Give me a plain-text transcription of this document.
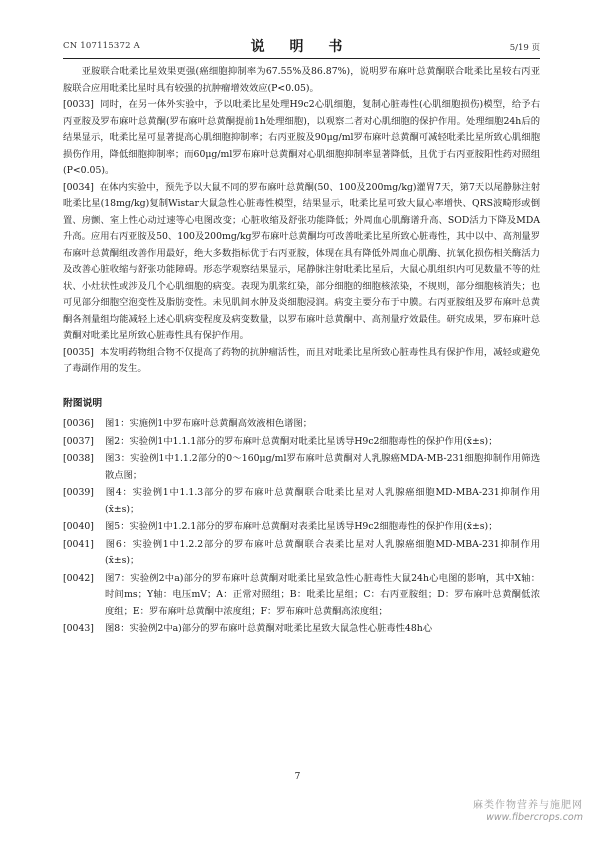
CN 107115372 A	说 明 书	5/19 页

亚胺联合吡柔比星效果更强(癌细胞抑制率为67.55%及86.87%)，说明罗布麻叶总黄酮联合吡柔比星较右丙亚胺联合应用吡柔比星时具有较强的抗肿瘤增效效应(P<0.05)。

[0033] 同时，在另一体外实验中，予以吡柔比星处理H9c2心肌细胞，复制心脏毒性(心肌细胞损伤)模型，给予右丙亚胺及罗布麻叶总黄酮(罗布麻叶总黄酮提前1h处理细胞)，以观察二者对心肌细胞的保护作用。处理细胞24h后的结果显示，吡柔比星可显著提高心肌细胞抑制率；右丙亚胺及90μg/ml罗布麻叶总黄酮可减轻吡柔比星所致心肌细胞损伤作用，降低细胞抑制率；而60μg/ml罗布麻叶总黄酮对心肌细胞抑制率显著降低，且优于右丙亚胺阳性药对照组(P<0.05)。

[0034] 在体内实验中，预先予以大鼠不同的罗布麻叶总黄酮(50、100及200mg/kg)灌胃7天，第7天以尾静脉注射吡柔比星(18mg/kg)复制Wistar大鼠急性心脏毒性模型，结果显示，吡柔比星可致大鼠心率增快、QRS波畸形或倒置、房颤、室上性心动过速等心电图改变；心脏收缩及舒张功能降低；外周血心肌酶谱升高、SOD活力下降及MDA升高。应用右丙亚胺及50、100及200mg/kg罗布麻叶总黄酮均可改善吡柔比星所致心脏毒性，其中以中、高剂量罗布麻叶总黄酮组改善作用最好，绝大多数指标优于右丙亚胺，体现在具有降低外周血心肌酶、抗氧化损伤相关酶活力及改善心脏收缩与舒张功能障碍。形态学观察结果显示，尾静脉注射吡柔比星后，大鼠心肌组织内可见数量不等的灶状、小灶状性或涉及几个心肌细胞的病变。表现为肌浆红染，部分细胞的细胞核浓染，不规则，部分细胞核消失；也可见部分细胞空泡变性及脂肪变性。未见肌间水肿及炎细胞浸润。病变主要分布于中膜。右丙亚胺组及罗布麻叶总黄酮各剂量组均能减轻上述心肌病变程度及病变数量，以罗布麻叶总黄酮中、高剂量疗效最佳。研究成果，罗布麻叶总黄酮对吡柔比星所致心脏毒性具有保护作用。

[0035] 本发明药物组合物不仅提高了药物的抗肿瘤活性，而且对吡柔比星所致心脏毒性具有保护作用，减轻或避免了毒副作用的发生。

附图说明

[0036] 图1：实施例1中罗布麻叶总黄酮高效液相色谱图；

[0037] 图2：实验例1中1.1.1部分的罗布麻叶总黄酮对吡柔比星诱导H9c2细胞毒性的保护作用(x̄±s)；

[0038] 图3：实验例1中1.1.2部分的0～160μg/ml罗布麻叶总黄酮对人乳腺癌MDA-MB-231细胞抑制作用筛选散点图；

[0039] 图4：实验例1中1.1.3部分的罗布麻叶总黄酮联合吡柔比星对人乳腺癌细胞MD-MBA-231抑制作用(x̄±s)；

[0040] 图5：实验例1中1.2.1部分的罗布麻叶总黄酮对表柔比星诱导H9c2细胞毒性的保护作用(x̄±s)；

[0041] 图6：实验例1中1.2.2部分的罗布麻叶总黄酮联合表柔比星对人乳腺癌细胞MD-MBA-231抑制作用(x̄±s)；

[0042] 图7：实验例2中a)部分的罗布麻叶总黄酮对吡柔比星致急性心脏毒性大鼠24h心电图的影响，其中X轴：时间ms；Y轴：电压mV；A：正常对照组；B：吡柔比星组；C：右丙亚胺组；D：罗布麻叶总黄酮低浓度组；E：罗布麻叶总黄酮中浓度组；F：罗布麻叶总黄酮高浓度组；

[0043] 图8：实验例2中a)部分的罗布麻叶总黄酮对吡柔比星致大鼠急性心脏毒性48h心

7
麻类作物营养与施肥网
www.fibercrops.com
